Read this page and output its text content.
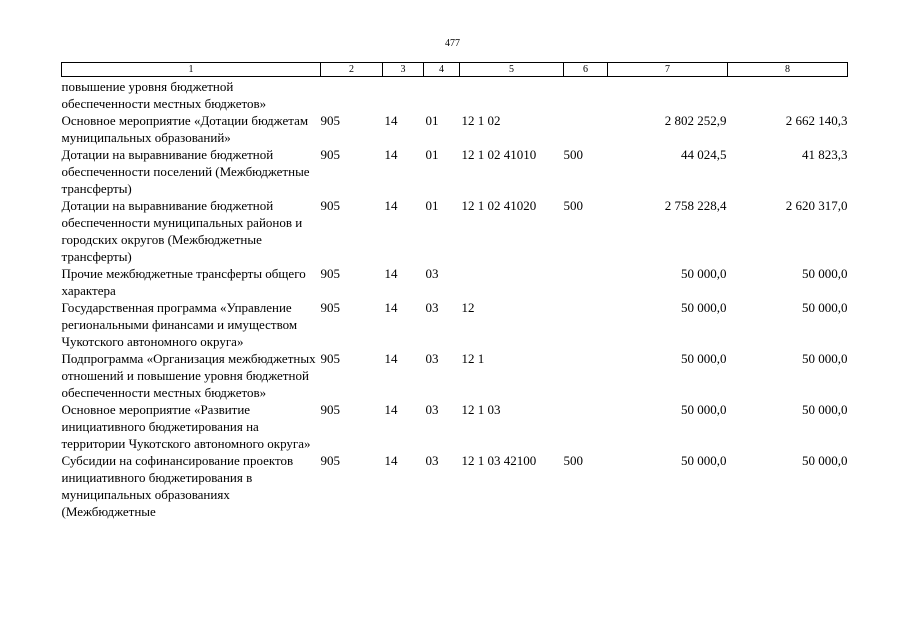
477
1	2	3	4	5	6	7	8
повышение уровня бюджетной обеспеченности местных бюджетов»							
Основное мероприятие «Дотации бюджетам муниципальных образований»	905	14	01	12 1 02		2 802 252,9	2 662 140,3
Дотации на выравнивание бюджетной обеспеченности поселений (Межбюджетные трансферты)	905	14	01	12 1 02 41010	500	44 024,5	41 823,3
Дотации на выравнивание бюджетной обеспеченности муниципальных районов и городских округов (Межбюджетные трансферты)	905	14	01	12 1 02 41020	500	2 758 228,4	2 620 317,0
Прочие межбюджетные трансферты общего характера	905	14	03			50 000,0	50 000,0
Государственная программа «Управление региональными финансами и имуществом Чукотского автономного округа»	905	14	03	12		50 000,0	50 000,0
Подпрограмма «Организация межбюджетных отношений и повышение уровня бюджетной обеспеченности местных бюджетов»	905	14	03	12 1		50 000,0	50 000,0
Основное мероприятие «Развитие инициативного бюджетирования на территории Чукотского автономного округа»	905	14	03	12 1 03		50 000,0	50 000,0
Субсидии на софинансирование проектов инициативного бюджетирования в муниципальных образованиях (Межбюджетные	905	14	03	12 1 03 42100	500	50 000,0	50 000,0
